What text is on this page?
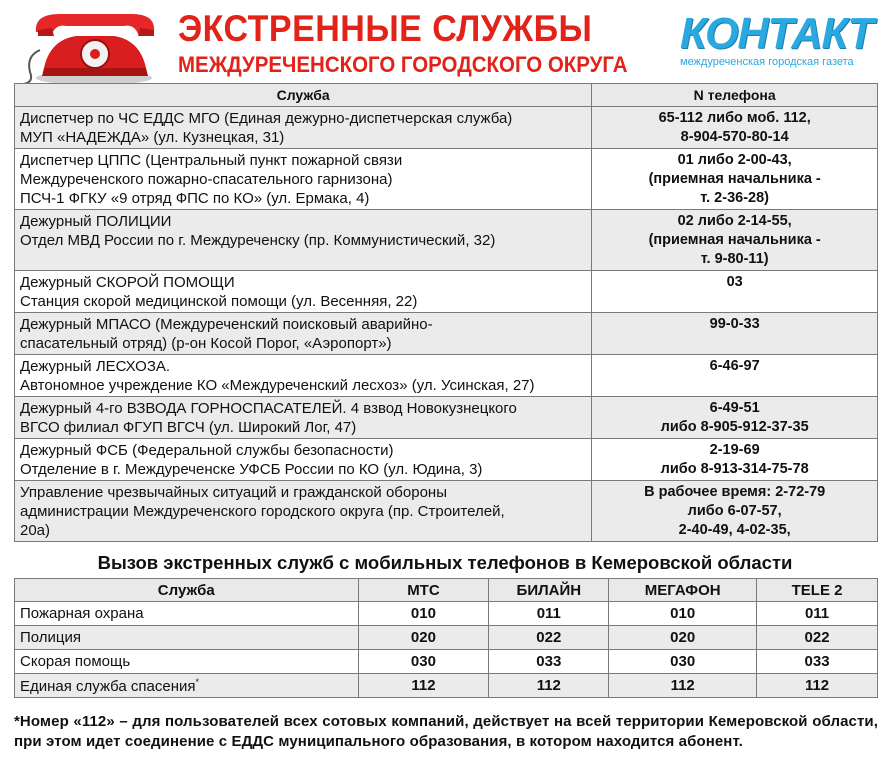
ЭКСТРЕННЫЕ СЛУЖБЫ
МЕЖДУРЕЧЕНСКОГО ГОРОДСКОГО ОКРУГА
КОНТАКТ
междуреченская городская газета
Служба	N телефона

Диспетчер по ЧС ЕДДС МГО (Единая дежурно-диспетчерская служба)
МУП «НАДЕЖДА» (ул. Кузнецкая, 31)	65-112 либо моб. 112,
8-904-570-80-14

Диспетчер ЦППС (Центральный пункт пожарной связи
Междуреченского пожарно-спасательного гарнизона)
ПСЧ-1 ФГКУ «9 отряд ФПС по КО» (ул. Ермака, 4)	01 либо 2-00-43,
(приемная начальника -
т. 2-36-28)

Дежурный ПОЛИЦИИ
Отдел МВД России по г. Междуреченску (пр. Коммунистический, 32)	02 либо 2-14-55,
(приемная начальника -
т. 9-80-11)

Дежурный СКОРОЙ ПОМОЩИ
Станция скорой медицинской помощи (ул. Весенняя, 22)	03

Дежурный МПАСО (Междуреченский поисковый аварийно-
спасательный отряд) (р-он Косой Порог, «Аэропорт»)	99-0-33

Дежурный ЛЕСХОЗА.
Автономное учреждение КО «Междуреченский лесхоз» (ул. Усинская, 27)	6-46-97

Дежурный 4-го ВЗВОДА ГОРНОСПАСАТЕЛЕЙ. 4 взвод Новокузнецкого
ВГСО филиал ФГУП ВГСЧ (ул. Широкий Лог, 47)	6-49-51
либо 8-905-912-37-35

Дежурный ФСБ (Федеральной службы безопасности)
Отделение в г. Междуреченске УФСБ России по КО (ул. Юдина, 3)	2-19-69
либо 8-913-314-75-78

Управление чрезвычайных ситуаций и гражданской обороны
администрации Междуреченского городского округа (пр. Строителей,
20а)	В рабочее время: 2-72-79
либо 6-07-57,
2-40-49, 4-02-35,
Вызов экстренных служб с мобильных телефонов в Кемеровской области
Служба	МТС	БИЛАЙН	МЕГАФОН	TELE 2
Пожарная охрана	010	011	010	011
Полиция	020	022	020	022
Скорая помощь	030	033	030	033
Единая служба спасения*	112	112	112	112

*Номер «112» – для пользователей всех сотовых компаний, действует на всей территории Кемеровской области, при этом идет соединение с ЕДДС муниципального образования, в котором находится абонент.
